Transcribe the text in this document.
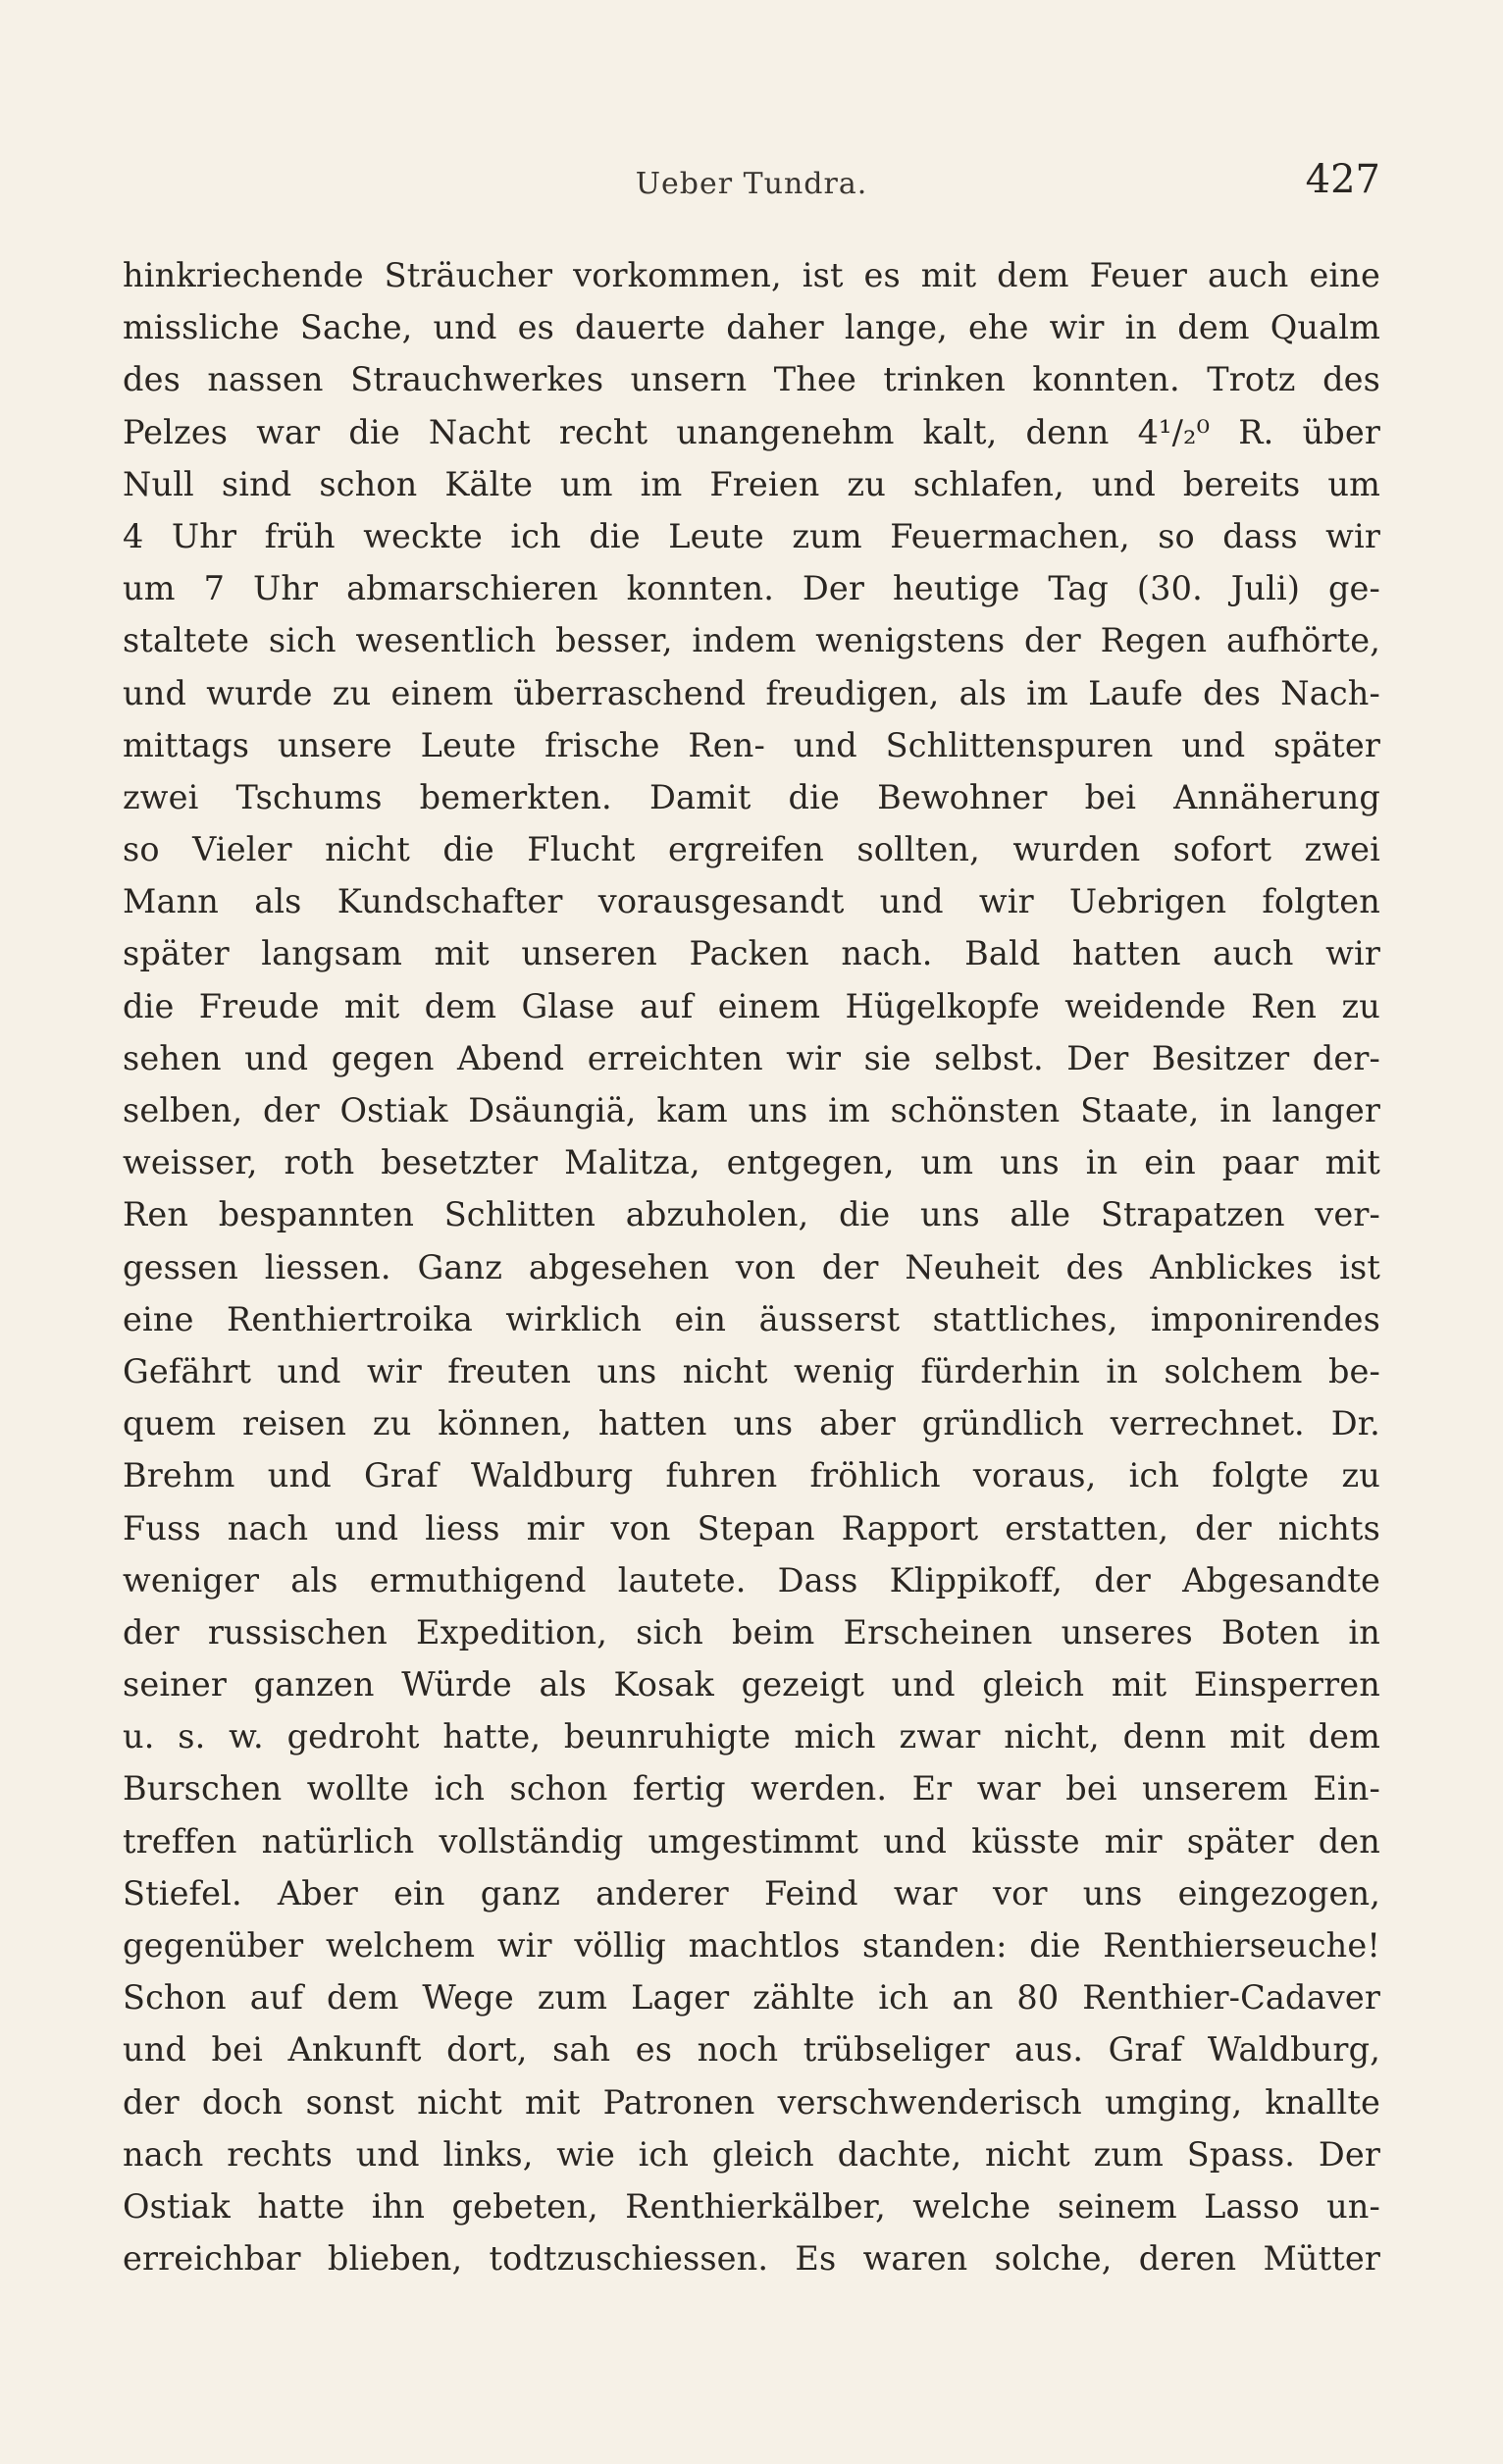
Ueber Tundra.	427
hinkriechende Sträucher vorkommen, ist es mit dem Feuer auch eine
missliche Sache, und es dauerte daher lange, ehe wir in dem Qualm
des nassen Strauchwerkes unsern Thee trinken konnten. Trotz des
Pelzes war die Nacht recht unangenehm kalt, denn 4¹/₂⁰ R. über
Null sind schon Kälte um im Freien zu schlafen, und bereits um
4 Uhr früh weckte ich die Leute zum Feuermachen, so dass wir
um 7 Uhr abmarschieren konnten. Der heutige Tag (30. Juli) ge-
staltete sich wesentlich besser, indem wenigstens der Regen aufhörte,
und wurde zu einem überraschend freudigen, als im Laufe des Nach-
mittags unsere Leute frische Ren- und Schlittenspuren und später
zwei Tschums bemerkten. Damit die Bewohner bei Annäherung
so Vieler nicht die Flucht ergreifen sollten, wurden sofort zwei
Mann als Kundschafter vorausgesandt und wir Uebrigen folgten
später langsam mit unseren Packen nach. Bald hatten auch wir
die Freude mit dem Glase auf einem Hügelkopfe weidende Ren zu
sehen und gegen Abend erreichten wir sie selbst. Der Besitzer der-
selben, der Ostiak Dsäungiä, kam uns im schönsten Staate, in langer
weisser, roth besetzter Malitza, entgegen, um uns in ein paar mit
Ren bespannten Schlitten abzuholen, die uns alle Strapatzen ver-
gessen liessen. Ganz abgesehen von der Neuheit des Anblickes ist
eine Renthiertroika wirklich ein äusserst stattliches, imponirendes
Gefährt und wir freuten uns nicht wenig fürderhin in solchem be-
quem reisen zu können, hatten uns aber gründlich verrechnet. Dr.
Brehm und Graf Waldburg fuhren fröhlich voraus, ich folgte zu
Fuss nach und liess mir von Stepan Rapport erstatten, der nichts
weniger als ermuthigend lautete. Dass Klippikoff, der Abgesandte
der russischen Expedition, sich beim Erscheinen unseres Boten in
seiner ganzen Würde als Kosak gezeigt und gleich mit Einsperren
u. s. w. gedroht hatte, beunruhigte mich zwar nicht, denn mit dem
Burschen wollte ich schon fertig werden. Er war bei unserem Ein-
treffen natürlich vollständig umgestimmt und küsste mir später den
Stiefel. Aber ein ganz anderer Feind war vor uns eingezogen,
gegenüber welchem wir völlig machtlos standen: die Renthierseuche!
Schon auf dem Wege zum Lager zählte ich an 80 Renthier-Cadaver
und bei Ankunft dort, sah es noch trübseliger aus. Graf Waldburg,
der doch sonst nicht mit Patronen verschwenderisch umging, knallte
nach rechts und links, wie ich gleich dachte, nicht zum Spass. Der
Ostiak hatte ihn gebeten, Renthierkälber, welche seinem Lasso un-
erreichbar blieben, todtzuschiessen. Es waren solche, deren Mütter
